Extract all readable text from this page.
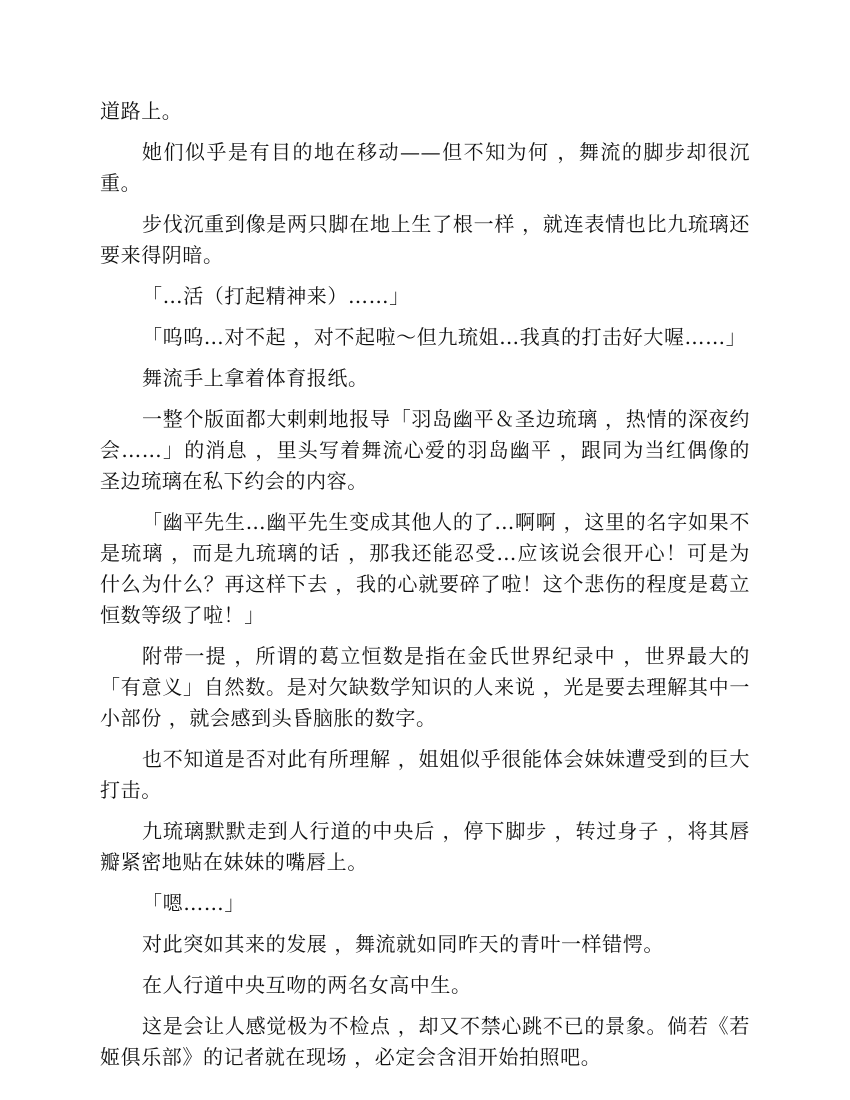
道路上。

她们似乎是有目的地在移动——但不知为何 ，舞流的脚步却很沉重。

步伐沉重到像是两只脚在地上生了根一样 ，就连表情也比九琉璃还要来得阴暗。

「…活（打起精神来）……」

「呜呜…对不起 ，对不起啦～但九琉姐…我真的打击好大喔……」

舞流手上拿着体育报纸。

一整个版面都大剌剌地报导「羽岛幽平＆圣边琉璃 ，热情的深夜约会……」的消息 ，里头写着舞流心爱的羽岛幽平 ，跟同为当红偶像的圣边琉璃在私下约会的内容。

「幽平先生…幽平先生变成其他人的了…啊啊 ，这里的名字如果不是琉璃 ，而是九琉璃的话 ，那我还能忍受…应该说会很开心！可是为什么为什么？再这样下去 ，我的心就要碎了啦！这个悲伤的程度是葛立恒数等级了啦！」

附带一提 ，所谓的葛立恒数是指在金氏世界纪录中 ，世界最大的「有意义」自然数。是对欠缺数学知识的人来说 ，光是要去理解其中一小部份 ，就会感到头昏脑胀的数字。

也不知道是否对此有所理解 ，姐姐似乎很能体会妹妹遭受到的巨大打击。

九琉璃默默走到人行道的中央后 ，停下脚步 ，转过身子 ，将其唇瓣紧密地贴在妹妹的嘴唇上。

「嗯……」

对此突如其来的发展 ，舞流就如同昨天的青叶一样错愕。

在人行道中央互吻的两名女高中生。

这是会让人感觉极为不检点 ，却又不禁心跳不已的景象。倘若《若姬俱乐部》的记者就在现场 ，必定会含泪开始拍照吧。
